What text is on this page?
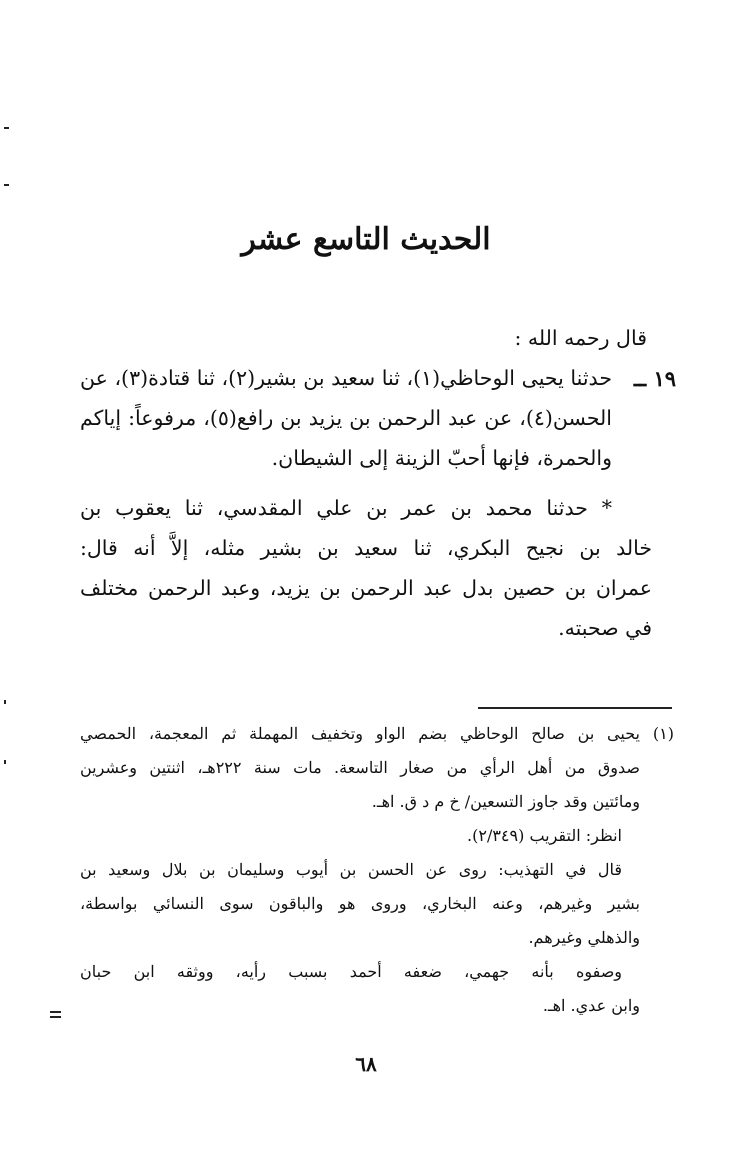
الحديث التاسع عشر

قال رحمه الله :

١٩ ــ

حدثنا يحيى الوحاظي(١)، ثنا سعيد بن بشير(٢)، ثنا قتادة(٣)، عن

الحسن(٤)، عن عبد الرحمن بن يزيد بن رافع(٥)، مرفوعاً: إياكم

والحمرة، فإنها أحبّ الزينة إلى الشيطان.

* حدثنا محمد بن عمر بن علي المقدسي، ثنا يعقوب بن

خالد بن نجيح البكري، ثنا سعيد بن بشير مثله، إلاَّ أنه قال:

عمران بن حصين بدل عبد الرحمن بن يزيد، وعبد الرحمن مختلف

في صحبته.

(١)

يحيى بن صالح الوحاظي بضم الواو وتخفيف المهملة ثم المعجمة، الحمصي

صدوق من أهل الرأي من صغار التاسعة. مات سنة ٢٢٢هـ، اثنتين وعشرين

ومائتين وقد جاوز التسعين/ خ م د ق. اهـ.

انظر: التقريب (٢/٣٤٩).

قال في التهذيب: روى عن الحسن بن أيوب وسليمان بن بلال وسعيد بن

بشير وغيرهم، وعنه البخاري، وروى هو والباقون سوى النسائي بواسطة،

والذهلي وغيرهم.

وصفوه بأنه جهمي، ضعفه أحمد بسبب رأيه، ووثقه ابن حبان

وابن عدي. اهـ.

٦٨
